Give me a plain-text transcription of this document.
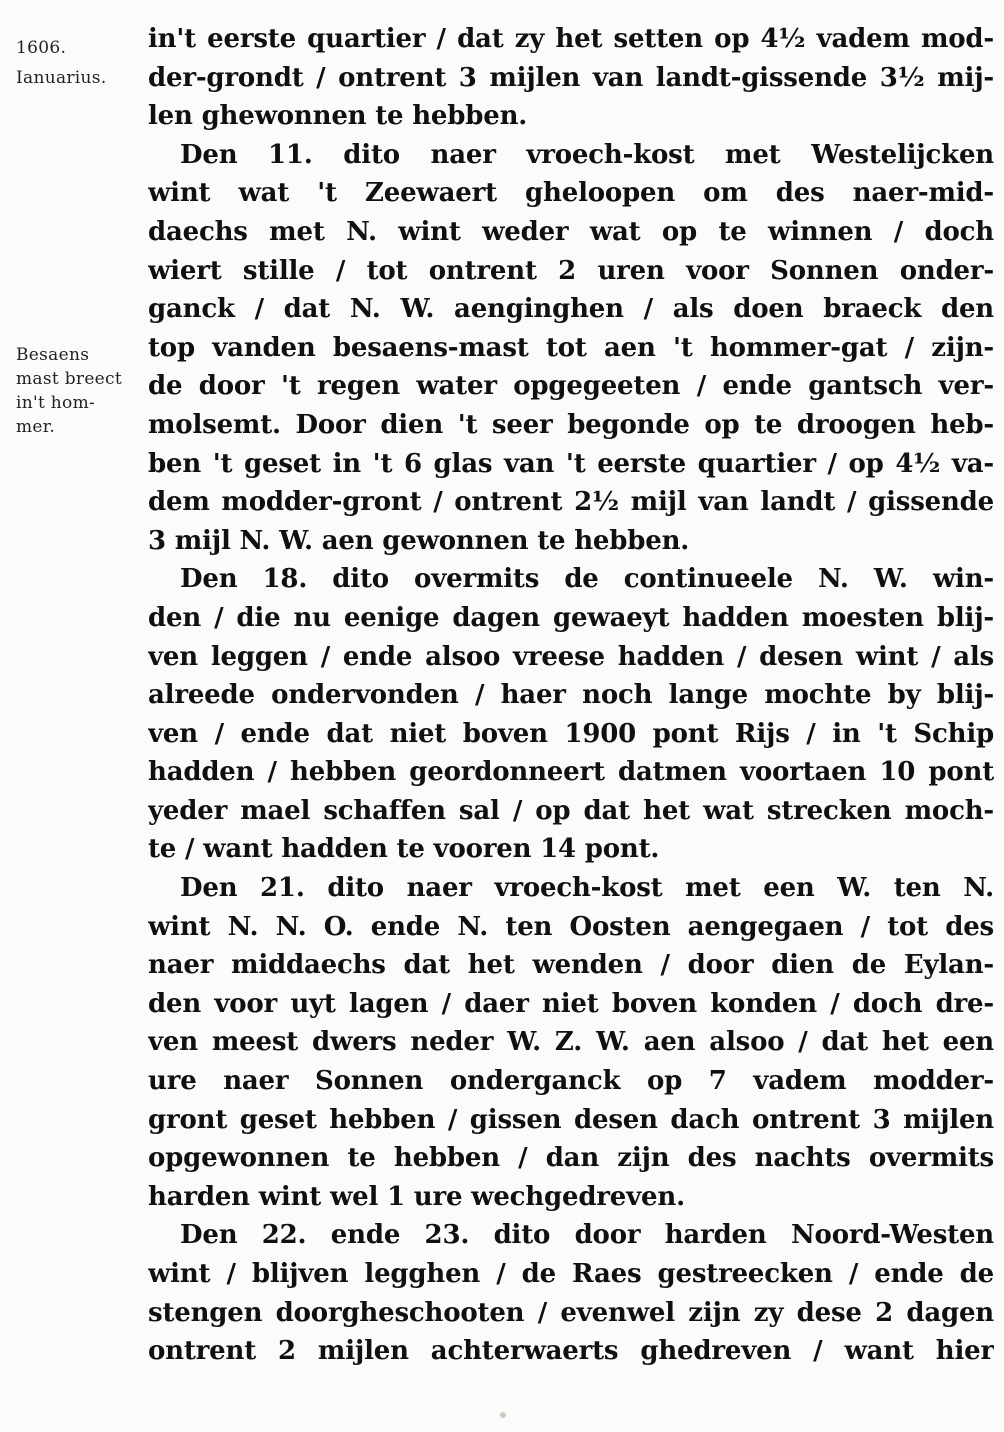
1606.
Ianuarius.
Besaens
mast breect
in't hom-
mer.
in't eerste quartier / dat zy het setten op 4½ vadem mod-
der-grondt / ontrent 3 mijlen van landt-gissende 3½ mij-
len ghewonnen te hebben.
Den 11. dito naer vroech-kost met Westelijcken
wint wat 't Zeewaert gheloopen om des naer-mid-
daechs met N. wint weder wat op te winnen / doch
wiert stille / tot ontrent 2 uren voor Sonnen onder-
ganck / dat N. W. aenginghen / als doen braeck den
top vanden besaens-mast tot aen 't hommer-gat / zijn-
de door 't regen water opgegeeten / ende gantsch ver-
molsemt. Door dien 't seer begonde op te droogen heb-
ben 't geset in 't 6 glas van 't eerste quartier / op 4½ va-
dem modder-gront / ontrent 2½ mijl van landt / gissende
3 mijl N. W. aen gewonnen te hebben.
Den 18. dito overmits de continueele N. W. win-
den / die nu eenige dagen gewaeyt hadden moesten blij-
ven leggen / ende alsoo vreese hadden / desen wint / als
alreede ondervonden / haer noch lange mochte by blij-
ven / ende dat niet boven 1900 pont Rijs / in 't Schip
hadden / hebben geordonneert datmen voortaen 10 pont
yeder mael schaffen sal / op dat het wat strecken moch-
te / want hadden te vooren 14 pont.
Den 21. dito naer vroech-kost met een W. ten N.
wint N. N. O. ende N. ten Oosten aengegaen / tot des
naer middaechs dat het wenden / door dien de Eylan-
den voor uyt lagen / daer niet boven konden / doch dre-
ven meest dwers neder W. Z. W. aen alsoo / dat het een
ure naer Sonnen onderganck op 7 vadem modder-
gront geset hebben / gissen desen dach ontrent 3 mijlen
opgewonnen te hebben / dan zijn des nachts overmits
harden wint wel 1 ure wechgedreven.
Den 22. ende 23. dito door harden Noord-Westen
wint / blijven legghen / de Raes gestreecken / ende de
stengen doorgheschooten / evenwel zijn zy dese 2 dagen
ontrent 2 mijlen achterwaerts ghedreven / want hier
